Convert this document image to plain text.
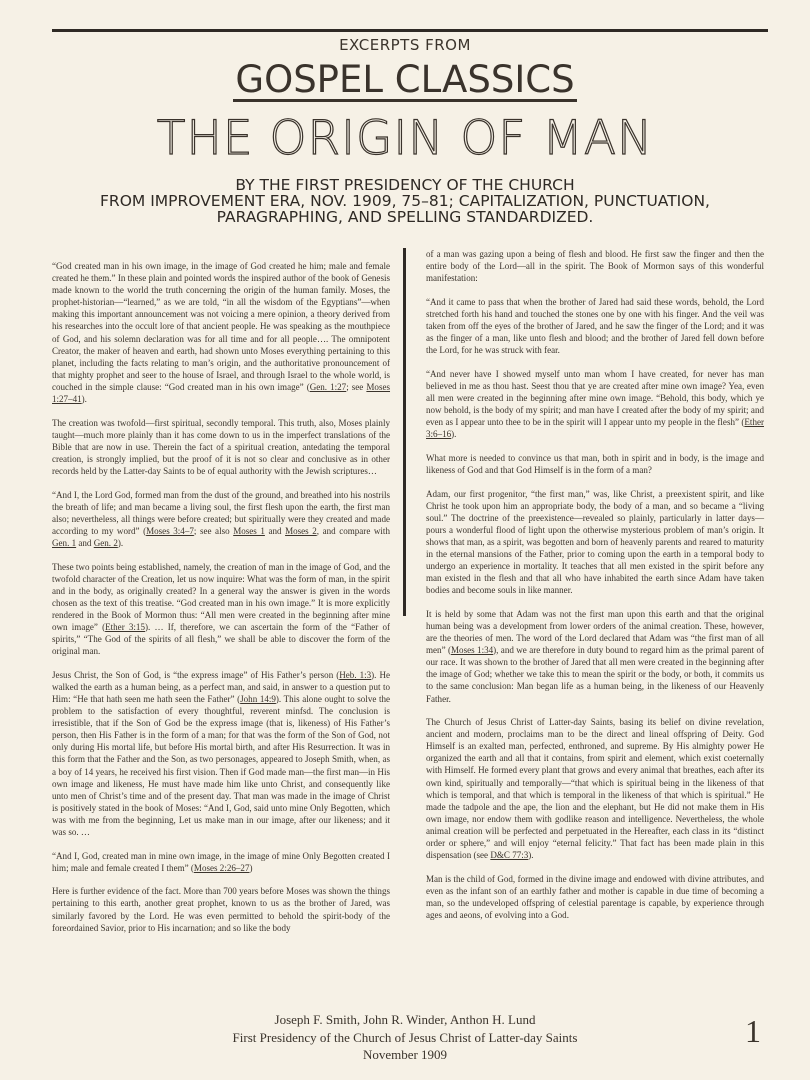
EXCERPTS FROM
GOSPEL CLASSICS
THE ORIGIN OF MAN
BY THE FIRST PRESIDENCY OF THE CHURCH
FROM IMPROVEMENT ERA, NOV. 1909, 75–81; CAPITALIZATION, PUNCTUATION,
PARAGRAPHING, AND SPELLING STANDARDIZED.

“God created man in his own image, in the image of God created he him; male and female created he them.” In these plain and pointed words the inspired author of the book of Genesis made known to the world the truth concerning the origin of the human family. Moses, the prophet-historian—“learned,” as we are told, “in all the wisdom of the Egyptians”—when making this important announcement was not voicing a mere opinion, a theory derived from his researches into the occult lore of that ancient people. He was speaking as the mouthpiece of God, and his solemn declaration was for all time and for all people…. The omnipotent Creator, the maker of heaven and earth, had shown unto Moses everything pertaining to this planet, including the facts relating to man’s origin, and the authoritative pronouncement of that mighty prophet and seer to the house of Israel, and through Israel to the whole world, is couched in the simple clause: “God created man in his own image” (Gen. 1:27; see Moses 1:27–41).

The creation was twofold—first spiritual, secondly temporal. This truth, also, Moses plainly taught—much more plainly than it has come down to us in the imperfect translations of the Bible that are now in use. Therein the fact of a spiritual creation, antedating the temporal creation, is strongly implied, but the proof of it is not so clear and conclusive as in other records held by the Latter-day Saints to be of equal authority with the Jewish scriptures…

“And I, the Lord God, formed man from the dust of the ground, and breathed into his nostrils the breath of life; and man became a living soul, the first flesh upon the earth, the first man also; nevertheless, all things were before created; but spiritually were they created and made according to my word” (Moses 3:4–7; see also Moses 1 and Moses 2, and compare with Gen. 1 and Gen. 2).

These two points being established, namely, the creation of man in the image of God, and the twofold character of the Creation, let us now inquire: What was the form of man, in the spirit and in the body, as originally created? In a general way the answer is given in the words chosen as the text of this treatise. “God created man in his own image.” It is more explicitly rendered in the Book of Mormon thus: “All men were created in the beginning after mine own image” (Ether 3:15). … If, therefore, we can ascertain the form of the “Father of spirits,” “The God of the spirits of all flesh,” we shall be able to discover the form of the original man.

Jesus Christ, the Son of God, is “the express image” of His Father’s person (Heb. 1:3). He walked the earth as a human being, as a perfect man, and said, in answer to a question put to Him: “He that hath seen me hath seen the Father” (John 14:9). This alone ought to solve the problem to the satisfaction of every thoughtful, reverent minfsd. The conclusion is irresistible, that if the Son of God be the express image (that is, likeness) of His Father’s person, then His Father is in the form of a man; for that was the form of the Son of God, not only during His mortal life, but before His mortal birth, and after His Resurrection. It was in this form that the Father and the Son, as two personages, appeared to Joseph Smith, when, as a boy of 14 years, he received his first vision. Then if God made man—the first man—in His own image and likeness, He must have made him like unto Christ, and consequently like unto men of Christ’s time and of the present day. That man was made in the image of Christ is positively stated in the book of Moses: “And I, God, said unto mine Only Begotten, which was with me from the beginning, Let us make man in our image, after our likeness; and it was so. …

“And I, God, created man in mine own image, in the image of mine Only Begotten created I him; male and female created I them” (Moses 2:26–27)

Here is further evidence of the fact. More than 700 years before Moses was shown the things pertaining to this earth, another great prophet, known to us as the brother of Jared, was similarly favored by the Lord. He was even permitted to behold the spirit-body of the foreordained Savior, prior to His incarnation; and so like the body

of a man was gazing upon a being of flesh and blood. He first saw the finger and then the entire body of the Lord—all in the spirit. The Book of Mormon says of this wonderful manifestation:

“And it came to pass that when the brother of Jared had said these words, behold, the Lord stretched forth his hand and touched the stones one by one with his finger. And the veil was taken from off the eyes of the brother of Jared, and he saw the finger of the Lord; and it was as the finger of a man, like unto flesh and blood; and the brother of Jared fell down before the Lord, for he was struck with fear.

“And never have I showed myself unto man whom I have created, for never has man believed in me as thou hast. Seest thou that ye are created after mine own image? Yea, even all men were created in the beginning after mine own image. “Behold, this body, which ye now behold, is the body of my spirit; and man have I created after the body of my spirit; and even as I appear unto thee to be in the spirit will I appear unto my people in the flesh” (Ether 3:6–16).

What more is needed to convince us that man, both in spirit and in body, is the image and likeness of God and that God Himself is in the form of a man?

Adam, our first progenitor, “the first man,” was, like Christ, a preexistent spirit, and like Christ he took upon him an appropriate body, the body of a man, and so became a “living soul.” The doctrine of the preexistence—revealed so plainly, particularly in latter days—pours a wonderful flood of light upon the otherwise mysterious problem of man’s origin. It shows that man, as a spirit, was begotten and born of heavenly parents and reared to maturity in the eternal mansions of the Father, prior to coming upon the earth in a temporal body to undergo an experience in mortality. It teaches that all men existed in the spirit before any man existed in the flesh and that all who have inhabited the earth since Adam have taken bodies and become souls in like manner.

It is held by some that Adam was not the first man upon this earth and that the original human being was a development from lower orders of the animal creation. These, however, are the theories of men. The word of the Lord declared that Adam was “the first man of all men” (Moses 1:34), and we are therefore in duty bound to regard him as the primal parent of our race. It was shown to the brother of Jared that all men were created in the beginning after the image of God; whether we take this to mean the spirit or the body, or both, it commits us to the same conclusion: Man began life as a human being, in the likeness of our Heavenly Father.

The Church of Jesus Christ of Latter-day Saints, basing its belief on divine revelation, ancient and modern, proclaims man to be the direct and lineal offspring of Deity. God Himself is an exalted man, perfected, enthroned, and supreme. By His almighty power He organized the earth and all that it contains, from spirit and element, which exist coeternally with Himself. He formed every plant that grows and every animal that breathes, each after its own kind, spiritually and temporally—“that which is spiritual being in the likeness of that which is temporal, and that which is temporal in the likeness of that which is spiritual.” He made the tadpole and the ape, the lion and the elephant, but He did not make them in His own image, nor endow them with godlike reason and intelligence. Nevertheless, the whole animal creation will be perfected and perpetuated in the Hereafter, each class in its “distinct order or sphere,” and will enjoy “eternal felicity.” That fact has been made plain in this dispensation (see D&C 77:3).

Man is the child of God, formed in the divine image and endowed with divine attributes, and even as the infant son of an earthly father and mother is capable in due time of becoming a man, so the undeveloped offspring of celestial parentage is capable, by experience through ages and aeons, of evolving into a God.

Joseph F. Smith, John R. Winder, Anthon H. Lund
First Presidency of the Church of Jesus Christ of Latter-day Saints
November 1909
1
